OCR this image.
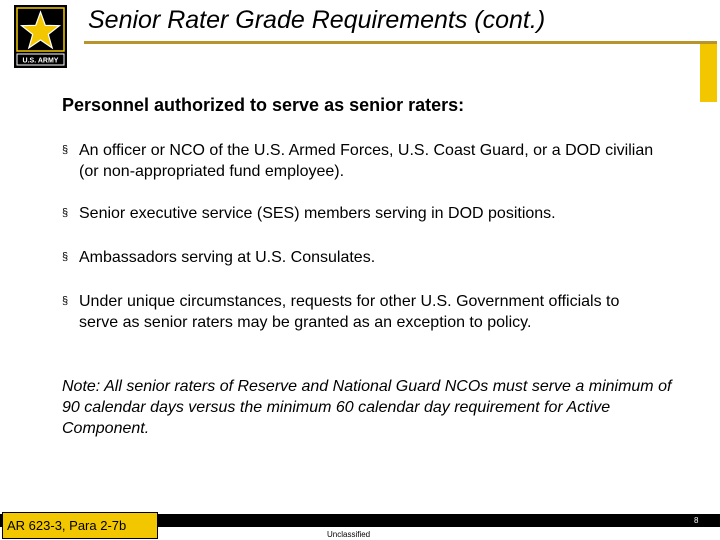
U.S. ARMY
Senior Rater Grade Requirements (cont.)
Personnel authorized to serve as senior raters:
§ An officer or NCO of the U.S. Armed Forces, U.S. Coast Guard, or a DOD civilian (or non-appropriated fund employee).
§ Senior executive service (SES) members serving in DOD positions.
§ Ambassadors serving at U.S. Consulates.
§ Under unique circumstances, requests for other U.S. Government officials to serve as senior raters may be granted as an exception to policy.
Note: All senior raters of Reserve and National Guard NCOs must serve a minimum of 90 calendar days versus the minimum 60 calendar day requirement for Active Component.
AR 623-3, Para 2-7b
Unclassified
8
